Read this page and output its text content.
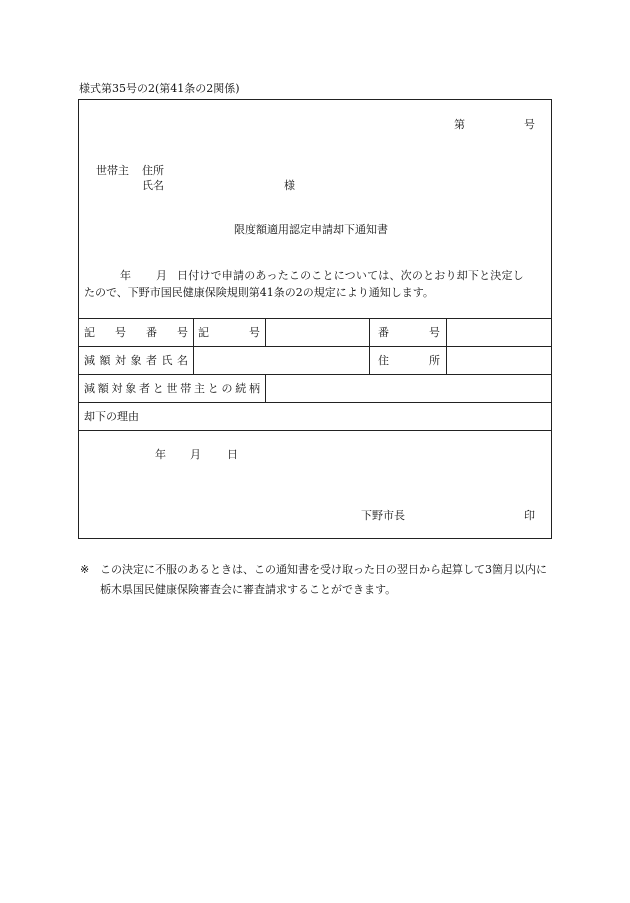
様式第35号の2(第41条の2関係)
第	号
世帯主 住所
氏名	様
限度額適用認定申請却下通知書
年 月 日付けで申請のあったこのことについては、次のとおり却下と決定し
たので、下野市国民健康保険規則第41条の2の規定により通知します。
記 号 番 号 記	号	番	号
減 額 対 象 者 氏 名	住	所
減 額 対 象 者 と 世 帯 主 と の 続 柄
却下の理由
年 月 日
下野市長	印
※ この決定に不服のあるときは、この通知書を受け取った日の翌日から起算して3箇月以内に栃木県国民健康保険審査会に審査請求することができます。
